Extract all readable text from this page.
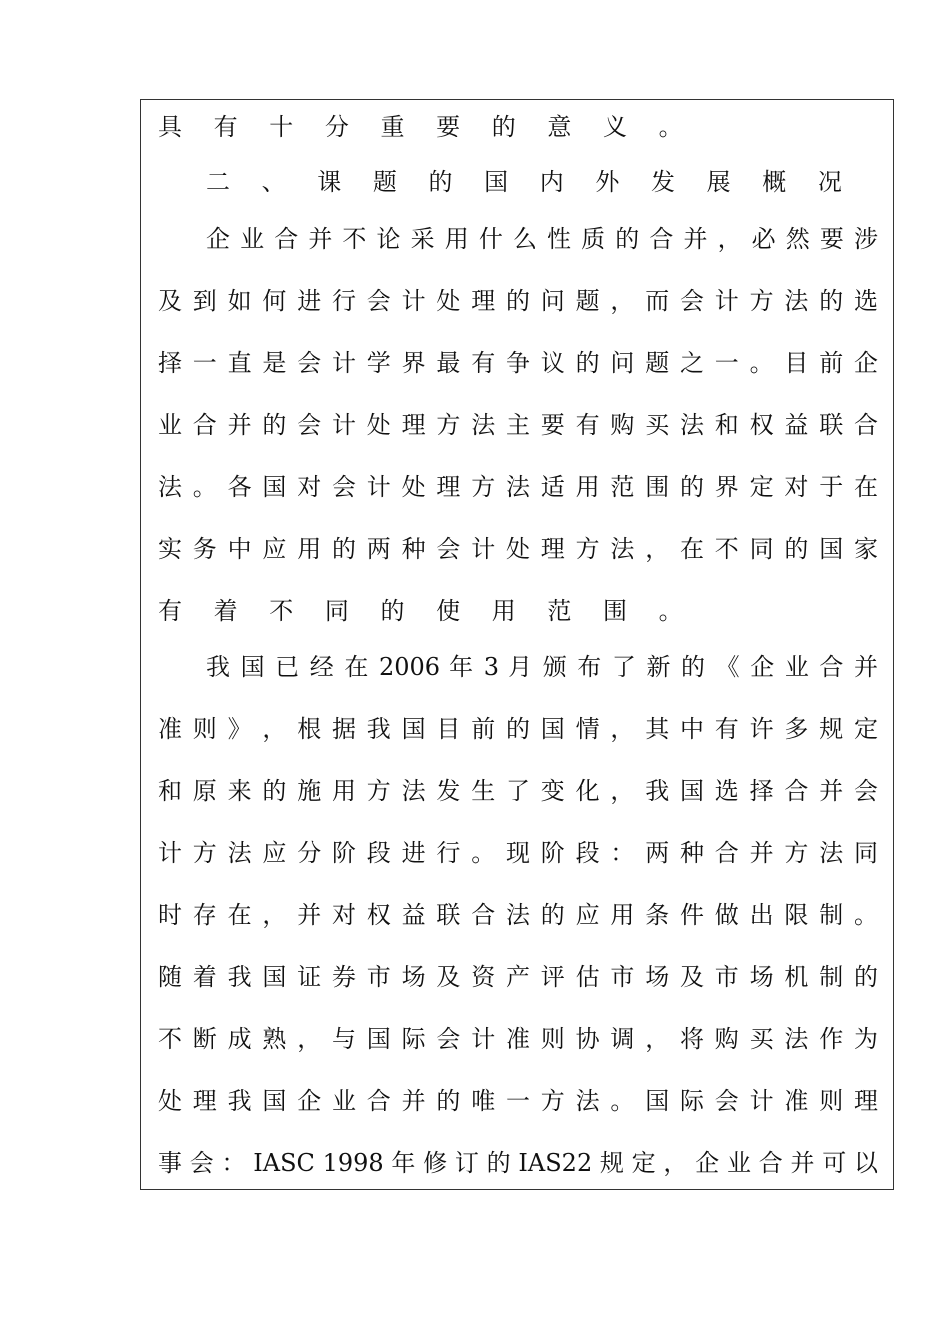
具 有 十 分 重 要 的 意 义 。
二 、 课 题 的 国 内 外 发 展 概 况
企 业 合 并 不 论 采 用 什 么 性 质 的 合 并 ， 必 然 要 涉
及 到 如 何 进 行 会 计 处 理 的 问 题 ， 而 会 计 方 法 的 选
择 一 直 是 会 计 学 界 最 有 争 议 的 问 题 之 一 。 目 前 企
业 合 并 的 会 计 处 理 方 法 主 要 有 购 买 法 和 权 益 联 合
法 。 各 国 对 会 计 处 理 方 法 适 用 范 围 的 界 定 对 于 在
实 务 中 应 用 的 两 种 会 计 处 理 方 法 ， 在 不 同 的 国 家
有 着 不 同 的 使 用 范 围 。
我 国 已 经 在 2006 年 3 月 颁 布 了 新 的 《 企 业 合 并
准 则 》 ， 根 据 我 国 目 前 的 国 情 ， 其 中 有 许 多 规 定
和 原 来 的 施 用 方 法 发 生 了 变 化 ， 我 国 选 择 合 并 会
计 方 法 应 分 阶 段 进 行 。 现 阶 段 ： 两 种 合 并 方 法 同
时 存 在 ， 并 对 权 益 联 合 法 的 应 用 条 件 做 出 限 制 。
随 着 我 国 证 券 市 场 及 资 产 评 估 市 场 及 市 场 机 制 的
不 断 成 熟 ， 与 国 际 会 计 准 则 协 调 ， 将 购 买 法 作 为
处 理 我 国 企 业 合 并 的 唯 一 方 法 。 国 际 会 计 准 则 理
事 会 ： IASC 1998 年 修 订 的 IAS22 规 定 ， 企 业 合 并 可 以
